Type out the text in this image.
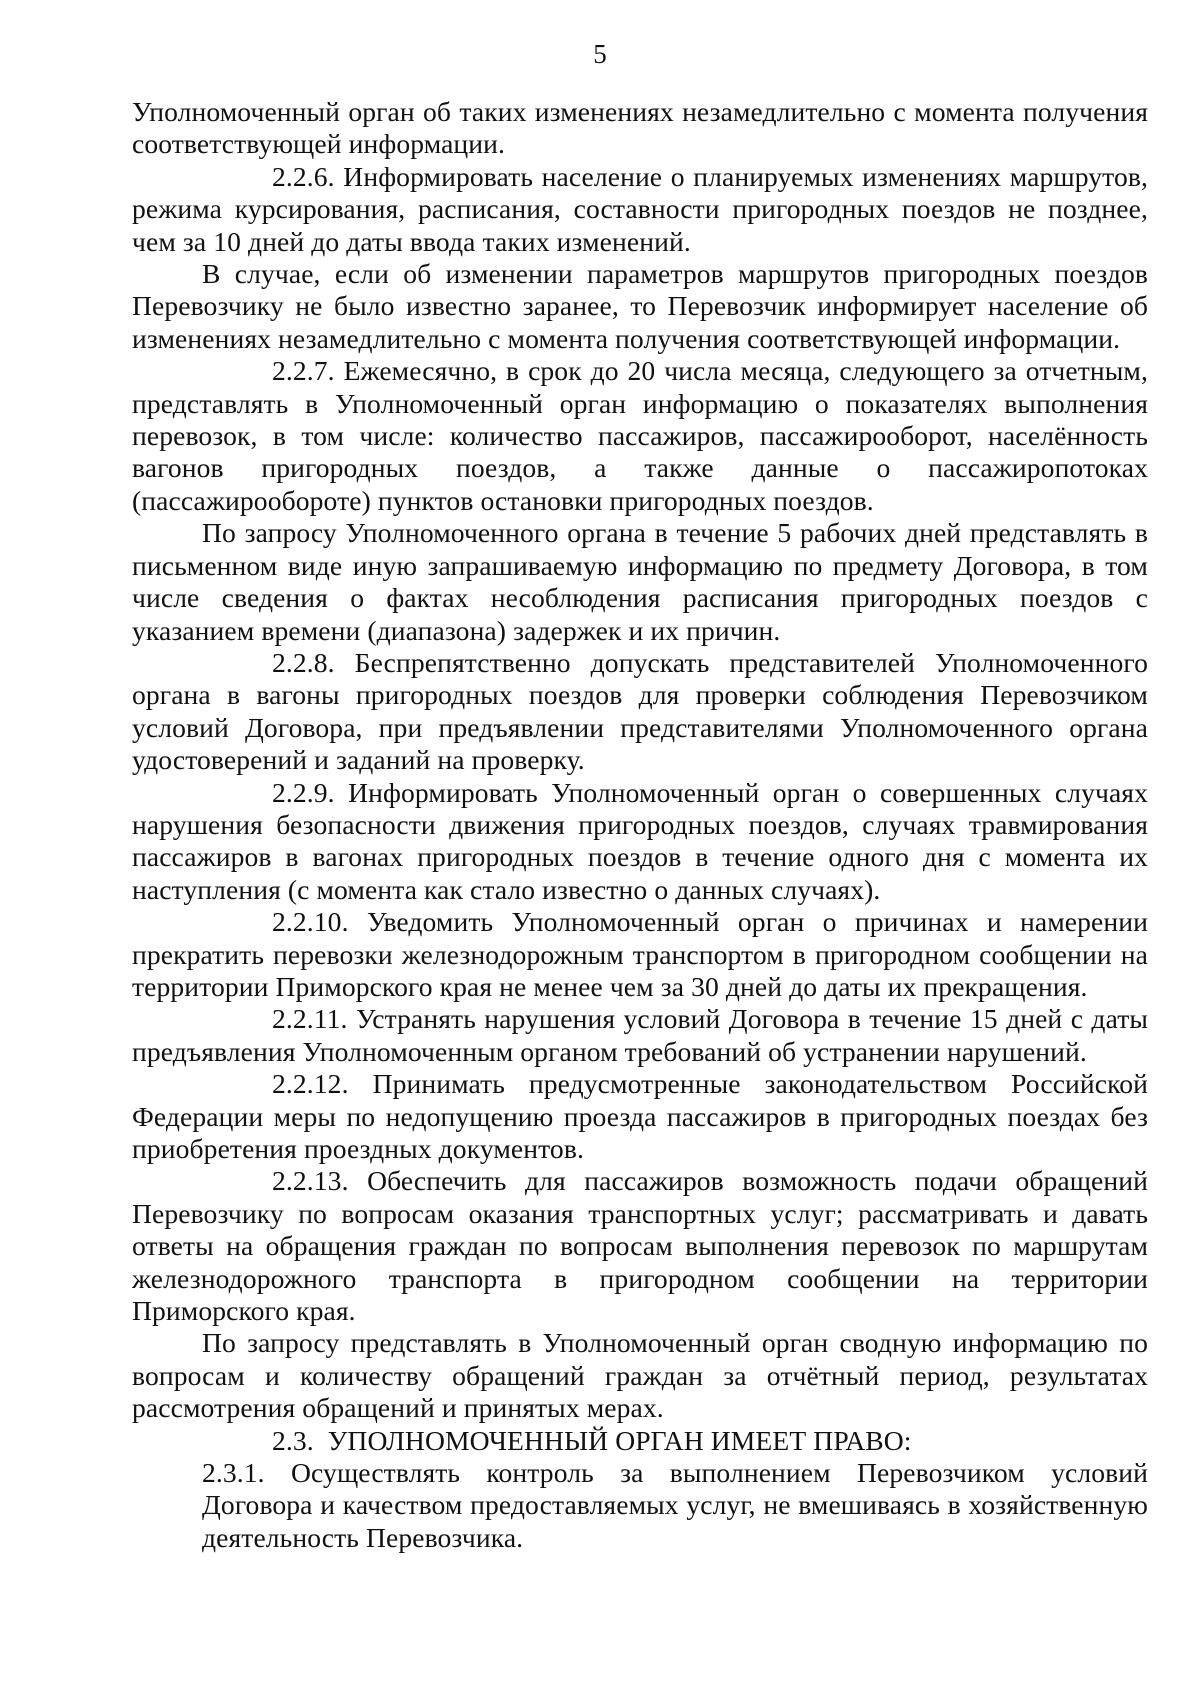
5

Уполномоченный орган об таких изменениях незамедлительно с момента получения соответствующей информации.

2.2.6. Информировать население о планируемых изменениях маршрутов, режима курсирования, расписания, составности пригородных поездов не позднее, чем за 10 дней до даты ввода таких изменений.

В случае, если об изменении параметров маршрутов пригородных поездов Перевозчику не было известно заранее, то Перевозчик информирует население об изменениях незамедлительно с момента получения соответствующей информации.

2.2.7. Ежемесячно, в срок до 20 числа месяца, следующего за отчетным, представлять в Уполномоченный орган информацию о показателях выполнения перевозок, в том числе: количество пассажиров, пассажирооборот, населённость вагонов пригородных поездов, а также данные о пассажиропотоках (пассажирообороте) пунктов остановки пригородных поездов.

По запросу Уполномоченного органа в течение 5 рабочих дней представлять в письменном виде иную запрашиваемую информацию по предмету Договора, в том числе сведения о фактах несоблюдения расписания пригородных поездов с указанием времени (диапазона) задержек и их причин.

2.2.8. Беспрепятственно допускать представителей Уполномоченного органа в вагоны пригородных поездов для проверки соблюдения Перевозчиком условий Договора, при предъявлении представителями Уполномоченного органа удостоверений и заданий на проверку.

2.2.9. Информировать Уполномоченный орган о совершенных случаях нарушения безопасности движения пригородных поездов, случаях травмирования пассажиров в вагонах пригородных поездов в течение одного дня с момента их наступления (с момента как стало известно о данных случаях).

2.2.10. Уведомить Уполномоченный орган о причинах и намерении прекратить перевозки железнодорожным транспортом в пригородном сообщении на территории Приморского края не менее чем за 30 дней до даты их прекращения.

2.2.11. Устранять нарушения условий Договора в течение 15 дней с даты предъявления Уполномоченным органом требований об устранении нарушений.

2.2.12. Принимать предусмотренные законодательством Российской Федерации меры по недопущению проезда пассажиров в пригородных поездах без приобретения проездных документов.

2.2.13. Обеспечить для пассажиров возможность подачи обращений Перевозчику по вопросам оказания транспортных услуг; рассматривать и давать ответы на обращения граждан по вопросам выполнения перевозок по маршрутам железнодорожного транспорта в пригородном сообщении на территории Приморского края.

По запросу представлять в Уполномоченный орган сводную информацию по вопросам и количеству обращений граждан за отчётный период, результатах рассмотрения обращений и принятых мерах.

2.3. УПОЛНОМОЧЕННЫЙ ОРГАН ИМЕЕТ ПРАВО:

2.3.1. Осуществлять контроль за выполнением Перевозчиком условий Договора и качеством предоставляемых услуг, не вмешиваясь в хозяйственную деятельность Перевозчика.
